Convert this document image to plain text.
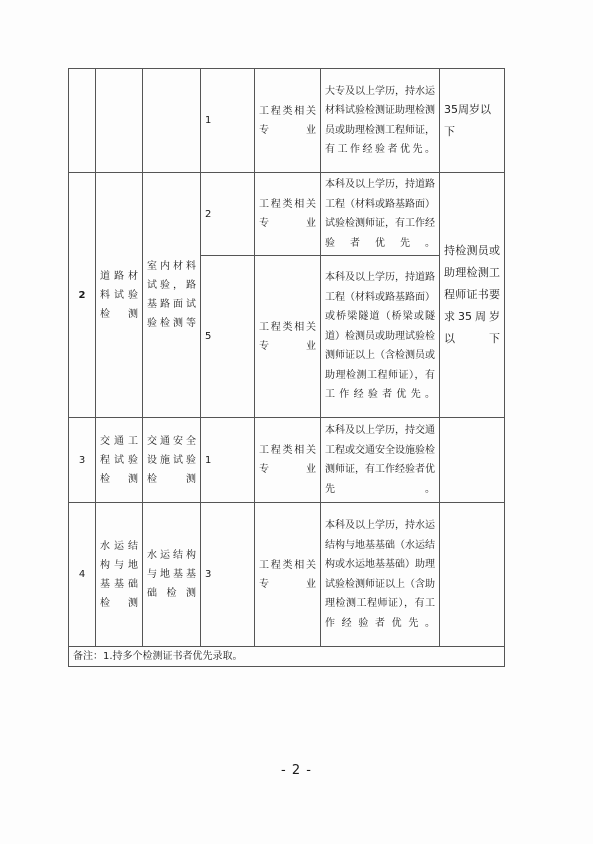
			1	工程类相关专业	大专及以上学历，持水运材料试验检测证助理检测员或助理检测工程师证，有工作经验者优先。	35周岁以下
2	道路材料试验检测	室内材料试验，路基路面试验检测等	2	工程类相关专业	本科及以上学历，持道路工程（材料或路基路面）试验检测师证，有工作经验者优先。	持检测员或助理检测工程师证书要求35周岁以下
			5	工程类相关专业	本科及以上学历，持道路工程（材料或路基路面）或桥梁隧道（桥梁或隧道）检测员或助理试验检测师证以上（含检测员或助理检测工程师证），有工作经验者优先。	
3	交通工程试验检测	交通安全设施试验检测	1	工程类相关专业	本科及以上学历，持交通工程或交通安全设施验检测师证，有工作经验者优先。	
4	水运结构与地基基础检测	水运结构与地基基础检测	3	工程类相关专业	本科及以上学历，持水运结构与地基基础（水运结构或水运地基基础）助理试验检测师证以上（含助理检测工程师证），有工作经验者优先。	
备注：1.持多个检测证书者优先录取。						
- 2 -
